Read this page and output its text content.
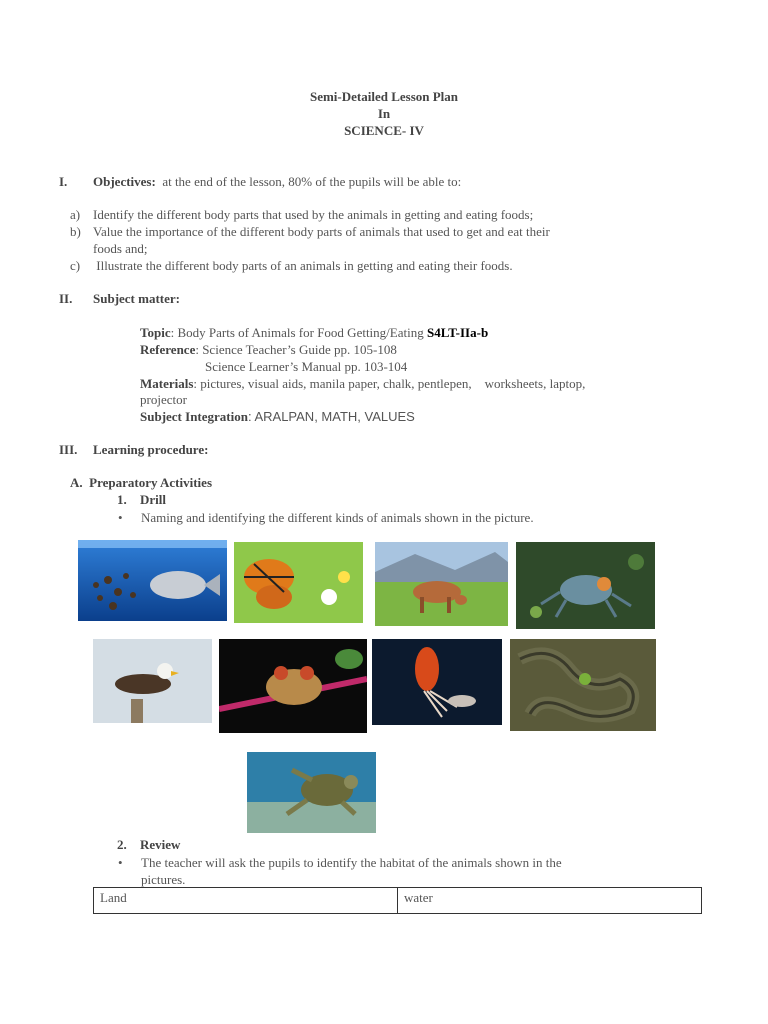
Semi-Detailed Lesson Plan
In
SCIENCE- IV
I. Objectives: at the end of the lesson, 80% of the pupils will be able to:
a) Identify the different body parts that used by the animals in getting and eating foods;
b) Value the importance of the different body parts of animals that used to get and eat their
foods and;
c) Illustrate the different body parts of an animals in getting and eating their foods.
II. Subject matter:
Topic: Body Parts of Animals for Food Getting/Eating S4LT-IIa-b
Reference: Science Teacher’s Guide pp. 105-108
Science Learner’s Manual pp. 103-104
Materials: pictures, visual aids, manila paper, chalk, pentlepen,    worksheets, laptop,
projector
Subject Integration: ARALPAN, MATH, VALUES
III. Learning procedure:
A.  Preparatory Activities
1. Drill
• Naming and identifying the different kinds of animals shown in the picture.
2. Review
• The teacher will ask the pupils to identify the habitat of the animals shown in the
pictures.
Land	water
